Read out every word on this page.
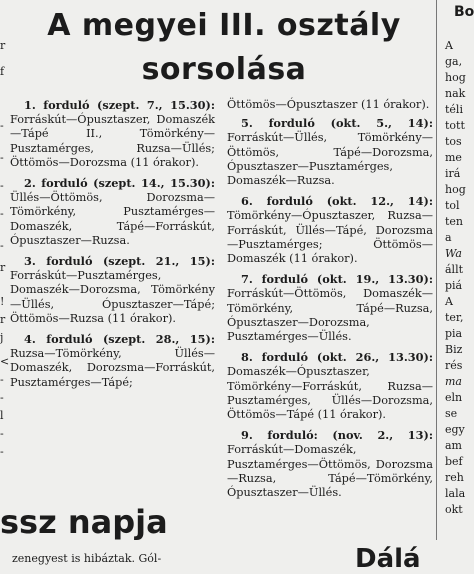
r

f

-

-

-

-

-

r

!

r

j

<

-

-

l

-

-

A megyei III. osztály
sorsolása

1. forduló (szept. 7., 15.30): Forráskút—Ópusztaszer, Domaszék—Tápé II., Tömörkény—Pusztamérges, Ruzsa—Üllés; Öttömös—Dorozsma (11 órakor).

2. forduló (szept. 14., 15.30): Üllés—Öttömös, Dorozsma—Tömörkény, Pusztamérges—Domaszék, Tápé—Forráskút, Ópusztaszer—Ruzsa.

3. forduló (szept. 21., 15): Forráskút—Pusztamérges, Domaszék—Dorozsma, Tömörkény—Üllés, Ópusztaszer—Tápé; Öttömös—Ruzsa (11 órakor).

4. forduló (szept. 28., 15): Ruzsa—Tömörkény, Üllés—Domaszék, Dorozsma—Forráskút, Pusztamérges—Tápé;

Öttömös—Ópusztaszer (11 órakor).

5. forduló (okt. 5., 14): Forráskút—Üllés, Tömörkény—Öttömös, Tápé—Dorozsma, Ópusztaszer—Pusztamérges, Domaszék—Ruzsa.

6. forduló (okt. 12., 14): Tömörkény—Ópusztaszer, Ruzsa—Forráskút, Üllés—Tápé, Dorozsma—Pusztamérges; Öttömös—Domaszék (11 órakor).

7. forduló (okt. 19., 13.30): Forráskút—Öttömös, Domaszék—Tömörkény, Tápé—Ruzsa, Ópusztaszer—Dorozsma, Pusztamérges—Üllés.

8. forduló (okt. 26., 13.30): Domaszék—Ópusztaszer, Tömörkény—Forráskút, Ruzsa—Pusztamérges, Üllés—Dorozsma, Öttömös—Tápé (11 órakor).

9. forduló: (nov. 2., 13): Forráskút—Domaszék, Pusztamérges—Öttömös, Dorozsma—Ruzsa, Tápé—Tömörkény, Ópusztaszer—Üllés.

Bo

A

ga,

hog

nak

téli

tott

tos

me

irá

hog

tol

ten

a

Wa

állt

piá

A

ter,

pia

Biz

rés

ma

eln

se

egy

am

bef

reh

lala

okt

ssz napja

zenegyest is hibáztak. Gól-	Dálá
